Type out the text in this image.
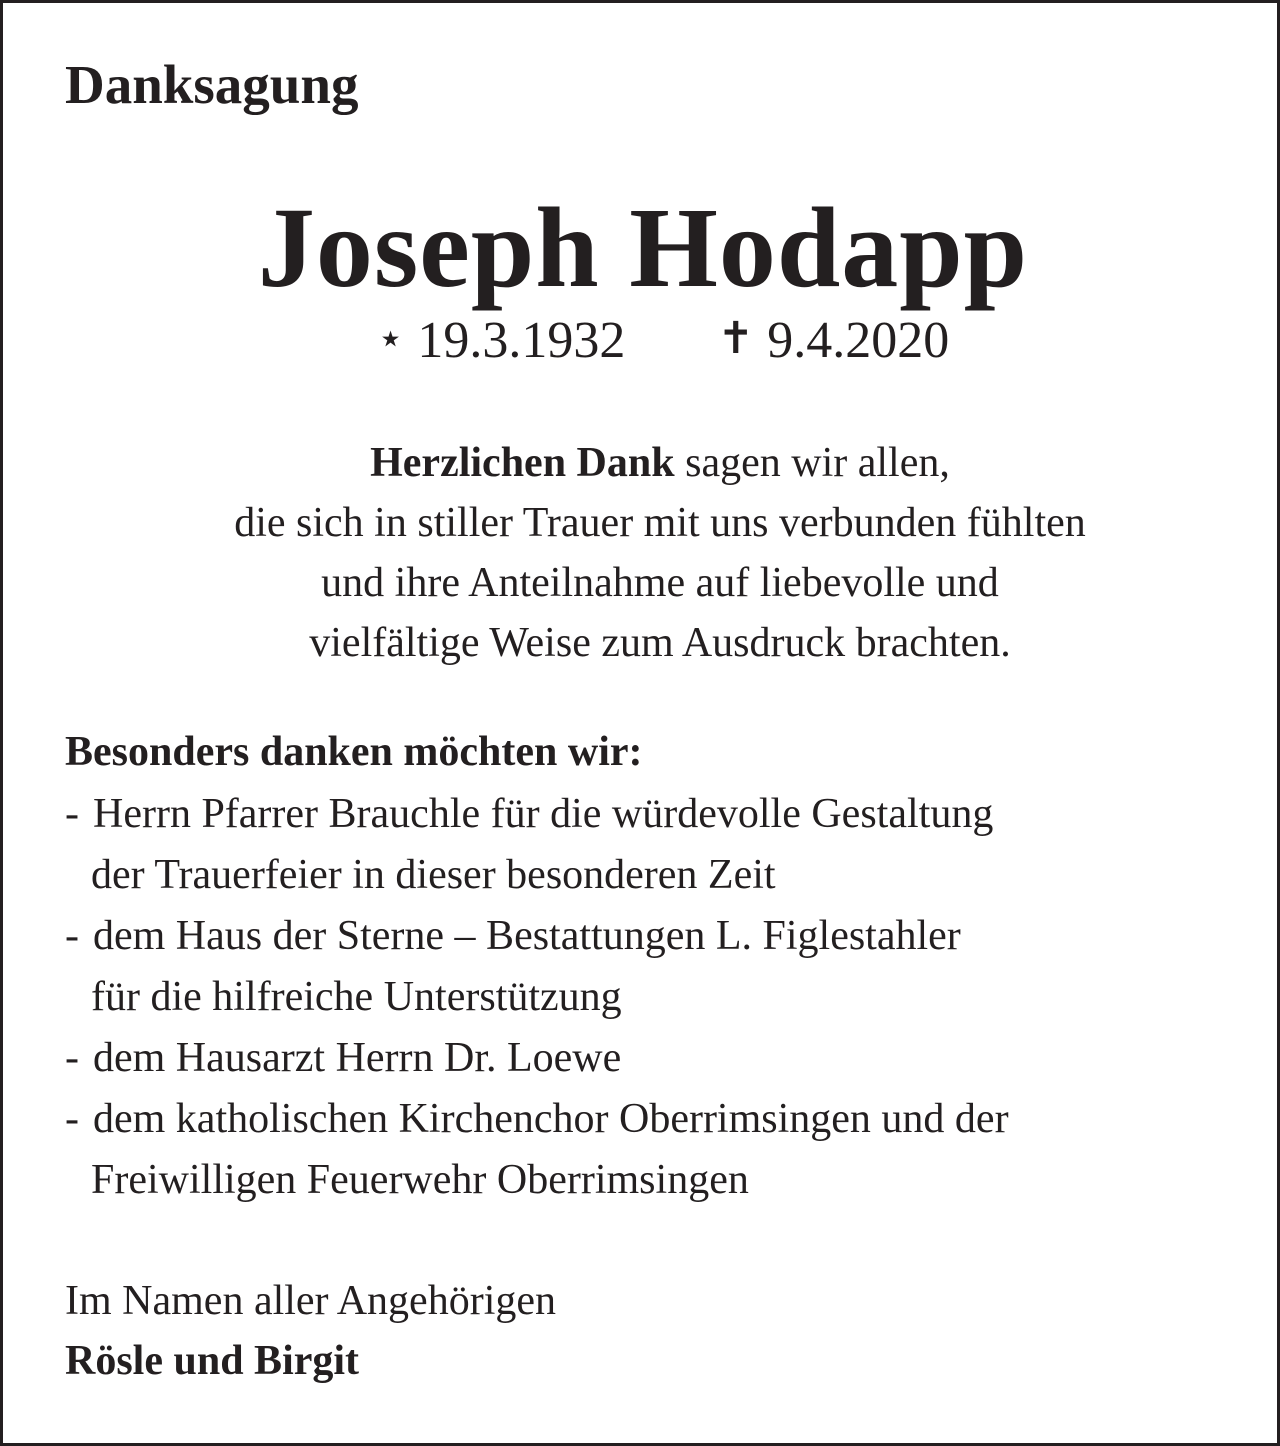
Danksagung
Joseph Hodapp
⋆ 19.3.1932 ✝ 9.4.2020
Herzlichen Dank sagen wir allen,
die sich in stiller Trauer mit uns verbunden fühlten
und ihre Anteilnahme auf liebevolle und
vielfältige Weise zum Ausdruck brachten.
Besonders danken möchten wir:
- Herrn Pfarrer Brauchle für die würdevolle Gestaltung
der Trauerfeier in dieser besonderen Zeit
- dem Haus der Sterne – Bestattungen L. Figlestahler
für die hilfreiche Unterstützung
- dem Hausarzt Herrn Dr. Loewe
- dem katholischen Kirchenchor Oberrimsingen und der
Freiwilligen Feuerwehr Oberrimsingen
Im Namen aller Angehörigen
Rösle und Birgit
